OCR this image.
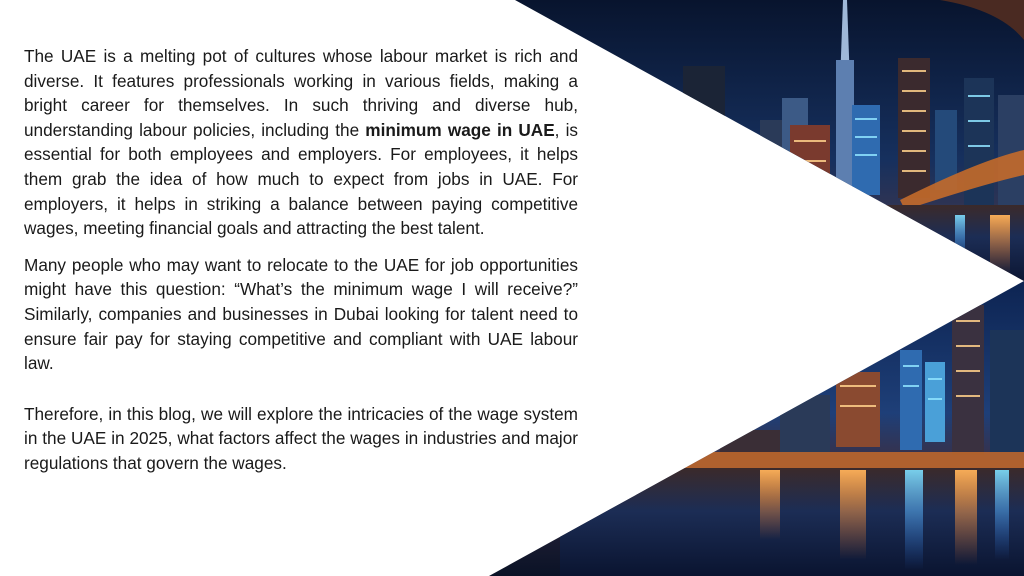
The UAE is a melting pot of cultures whose labour market is rich and diverse. It features professionals working in various fields, making a bright career for themselves. In such thriving and diverse hub, understanding labour policies, including the minimum wage in UAE, is essential for both employees and employers. For employees, it helps them grab the idea of how much to expect from jobs in UAE. For employers, it helps in striking a balance between paying competitive wages, meeting financial goals and attracting the best talent.

Many people who may want to relocate to the UAE for job opportunities might have this question: “What’s the minimum wage I will receive?” Similarly, companies and businesses in Dubai looking for talent need to ensure fair pay for staying competitive and compliant with UAE labour law.

Therefore, in this blog, we will explore the intricacies of the wage system in the UAE in 2025, what factors affect the wages in industries and major regulations that govern the wages.
